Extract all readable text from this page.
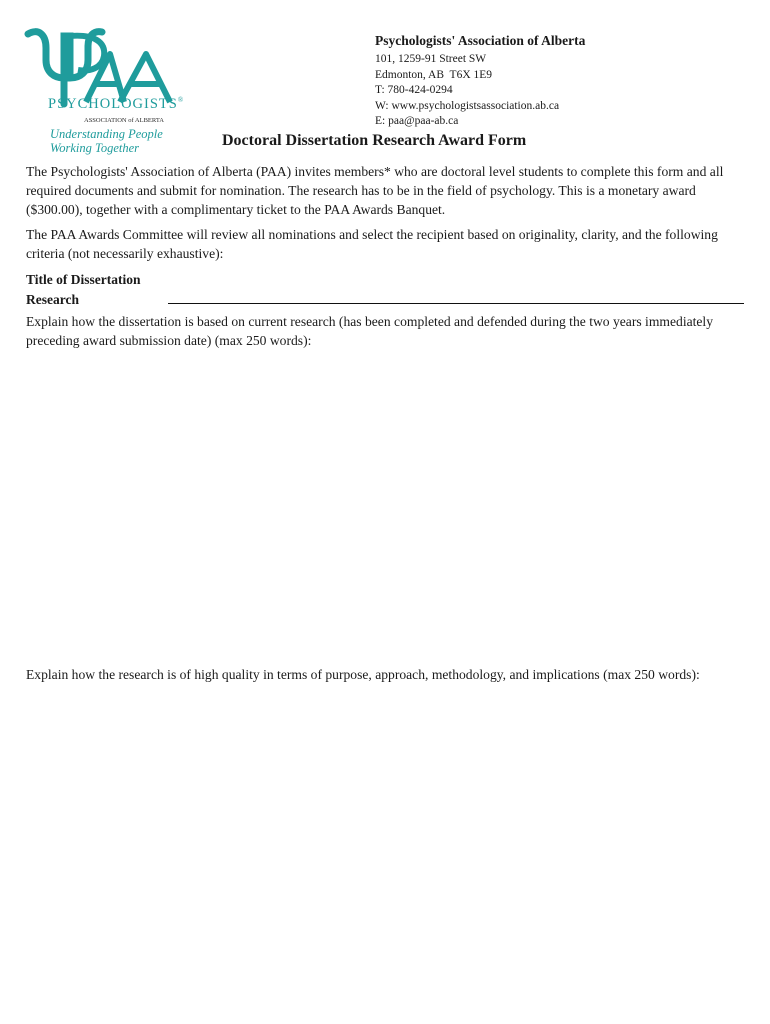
PSYCHOLOGISTS®
ASSOCIATION of ALBERTA
Understanding People
Working Together
Psychologists' Association of Alberta
101, 1259-91 Street SW
Edmonton, AB  T6X 1E9
T: 780-424-0294
W: www.psychologistsassociation.ab.ca
E: paa@paa-ab.ca
Doctoral Dissertation Research Award Form
The Psychologists' Association of Alberta (PAA) invites members* who are doctoral level students to complete this form and all required documents and submit for nomination. The research has to be in the field of psychology. This is a monetary award ($300.00), together with a complimentary ticket to the PAA Awards Banquet.
The PAA Awards Committee will review all nominations and select the recipient based on originality, clarity, and the following criteria (not necessarily exhaustive):
Title of Dissertation
Research
Explain how the dissertation is based on current research (has been completed and defended during the two years immediately preceding award submission date) (max 250 words):
Explain how the research is of high quality in terms of purpose, approach, methodology, and implications (max 250 words):
